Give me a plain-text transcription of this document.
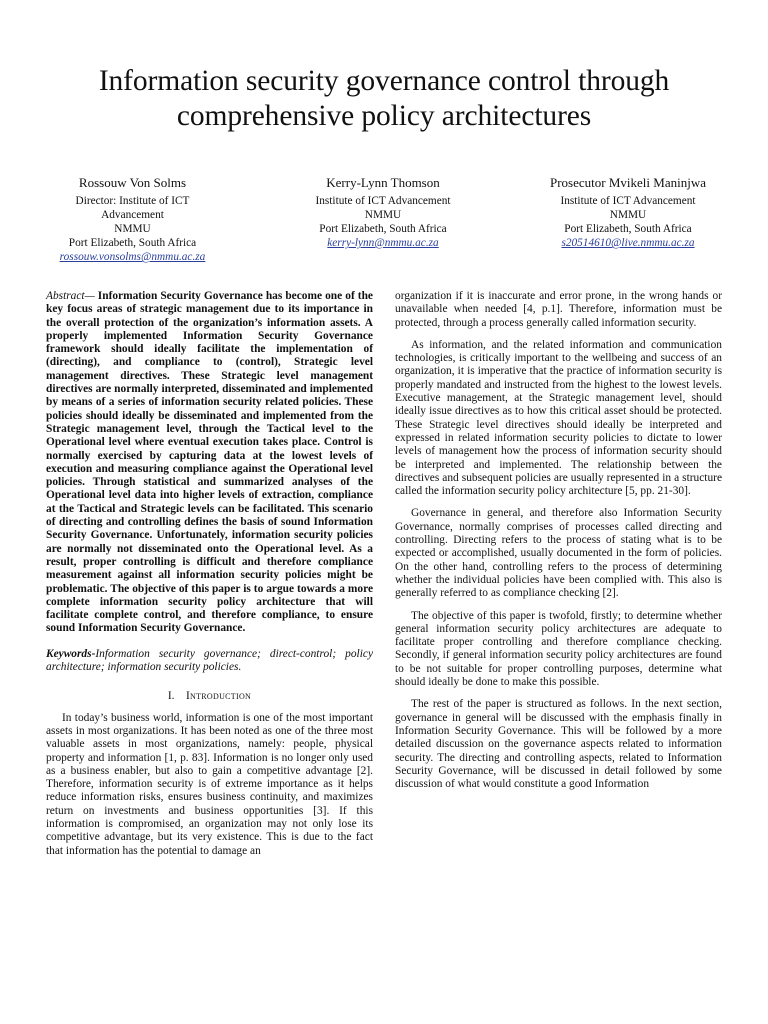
Information security governance control through comprehensive policy architectures
Rossouw Von Solms
Director: Institute of ICT
Advancement
NMMU
Port Elizabeth, South Africa
rossouw.vonsolms@nmmu.ac.za
Kerry-Lynn Thomson
Institute of ICT Advancement
NMMU
Port Elizabeth, South Africa
kerry-lynn@nmmu.ac.za
Prosecutor Mvikeli Maninjwa
Institute of ICT Advancement
NMMU
Port Elizabeth, South Africa
s20514610@live.nmmu.ac.za

Abstract— Information Security Governance has become one of the key focus areas of strategic management due to its importance in the overall protection of the organization’s information assets. A properly implemented Information Security Governance framework should ideally facilitate the implementation of (directing), and compliance to (control), Strategic level management directives. These Strategic level management directives are normally interpreted, disseminated and implemented by means of a series of information security related policies. These policies should ideally be disseminated and implemented from the Strategic management level, through the Tactical level to the Operational level where eventual execution takes place. Control is normally exercised by capturing data at the lowest levels of execution and measuring compliance against the Operational level policies. Through statistical and summarized analyses of the Operational level data into higher levels of extraction, compliance at the Tactical and Strategic levels can be facilitated. This scenario of directing and controlling defines the basis of sound Information Security Governance. Unfortunately, information security policies are normally not disseminated onto the Operational level. As a result, proper controlling is difficult and therefore compliance measurement against all information security policies might be problematic. The objective of this paper is to argue towards a more complete information security policy architecture that will facilitate complete control, and therefore compliance, to ensure sound Information Security Governance.

Keywords-Information security governance; direct-control; policy architecture; information security policies.

I. Introduction

In today’s business world, information is one of the most important assets in most organizations. It has been noted as one of the three most valuable assets in most organizations, namely: people, physical property and information [1, p. 83]. Information is no longer only used as a business enabler, but also to gain a competitive advantage [2]. Therefore, information security is of extreme importance as it helps reduce information risks, ensures business continuity, and maximizes return on investments and business opportunities [3]. If this information is compromised, an organization may not only lose its competitive advantage, but its very existence. This is due to the fact that information has the potential to damage an

organization if it is inaccurate and error prone, in the wrong hands or unavailable when needed [4, p.1]. Therefore, information must be protected, through a process generally called information security.

As information, and the related information and communication technologies, is critically important to the wellbeing and success of an organization, it is imperative that the practice of information security is properly mandated and instructed from the highest to the lowest levels. Executive management, at the Strategic management level, should ideally issue directives as to how this critical asset should be protected. These Strategic level directives should ideally be interpreted and expressed in related information security policies to dictate to lower levels of management how the process of information security should be interpreted and implemented. The relationship between the directives and subsequent policies are usually represented in a structure called the information security policy architecture [5, pp. 21-30].

Governance in general, and therefore also Information Security Governance, normally comprises of processes called directing and controlling. Directing refers to the process of stating what is to be expected or accomplished, usually documented in the form of policies. On the other hand, controlling refers to the process of determining whether the individual policies have been complied with. This also is generally referred to as compliance checking [2].

The objective of this paper is twofold, firstly; to determine whether general information security policy architectures are adequate to facilitate proper controlling and therefore compliance checking. Secondly, if general information security policy architectures are found to be not suitable for proper controlling purposes, determine what should ideally be done to make this possible.

The rest of the paper is structured as follows. In the next section, governance in general will be discussed with the emphasis finally in Information Security Governance. This will be followed by a more detailed discussion on the governance aspects related to information security. The directing and controlling aspects, related to Information Security Governance, will be discussed in detail followed by some discussion of what would constitute a good Information
